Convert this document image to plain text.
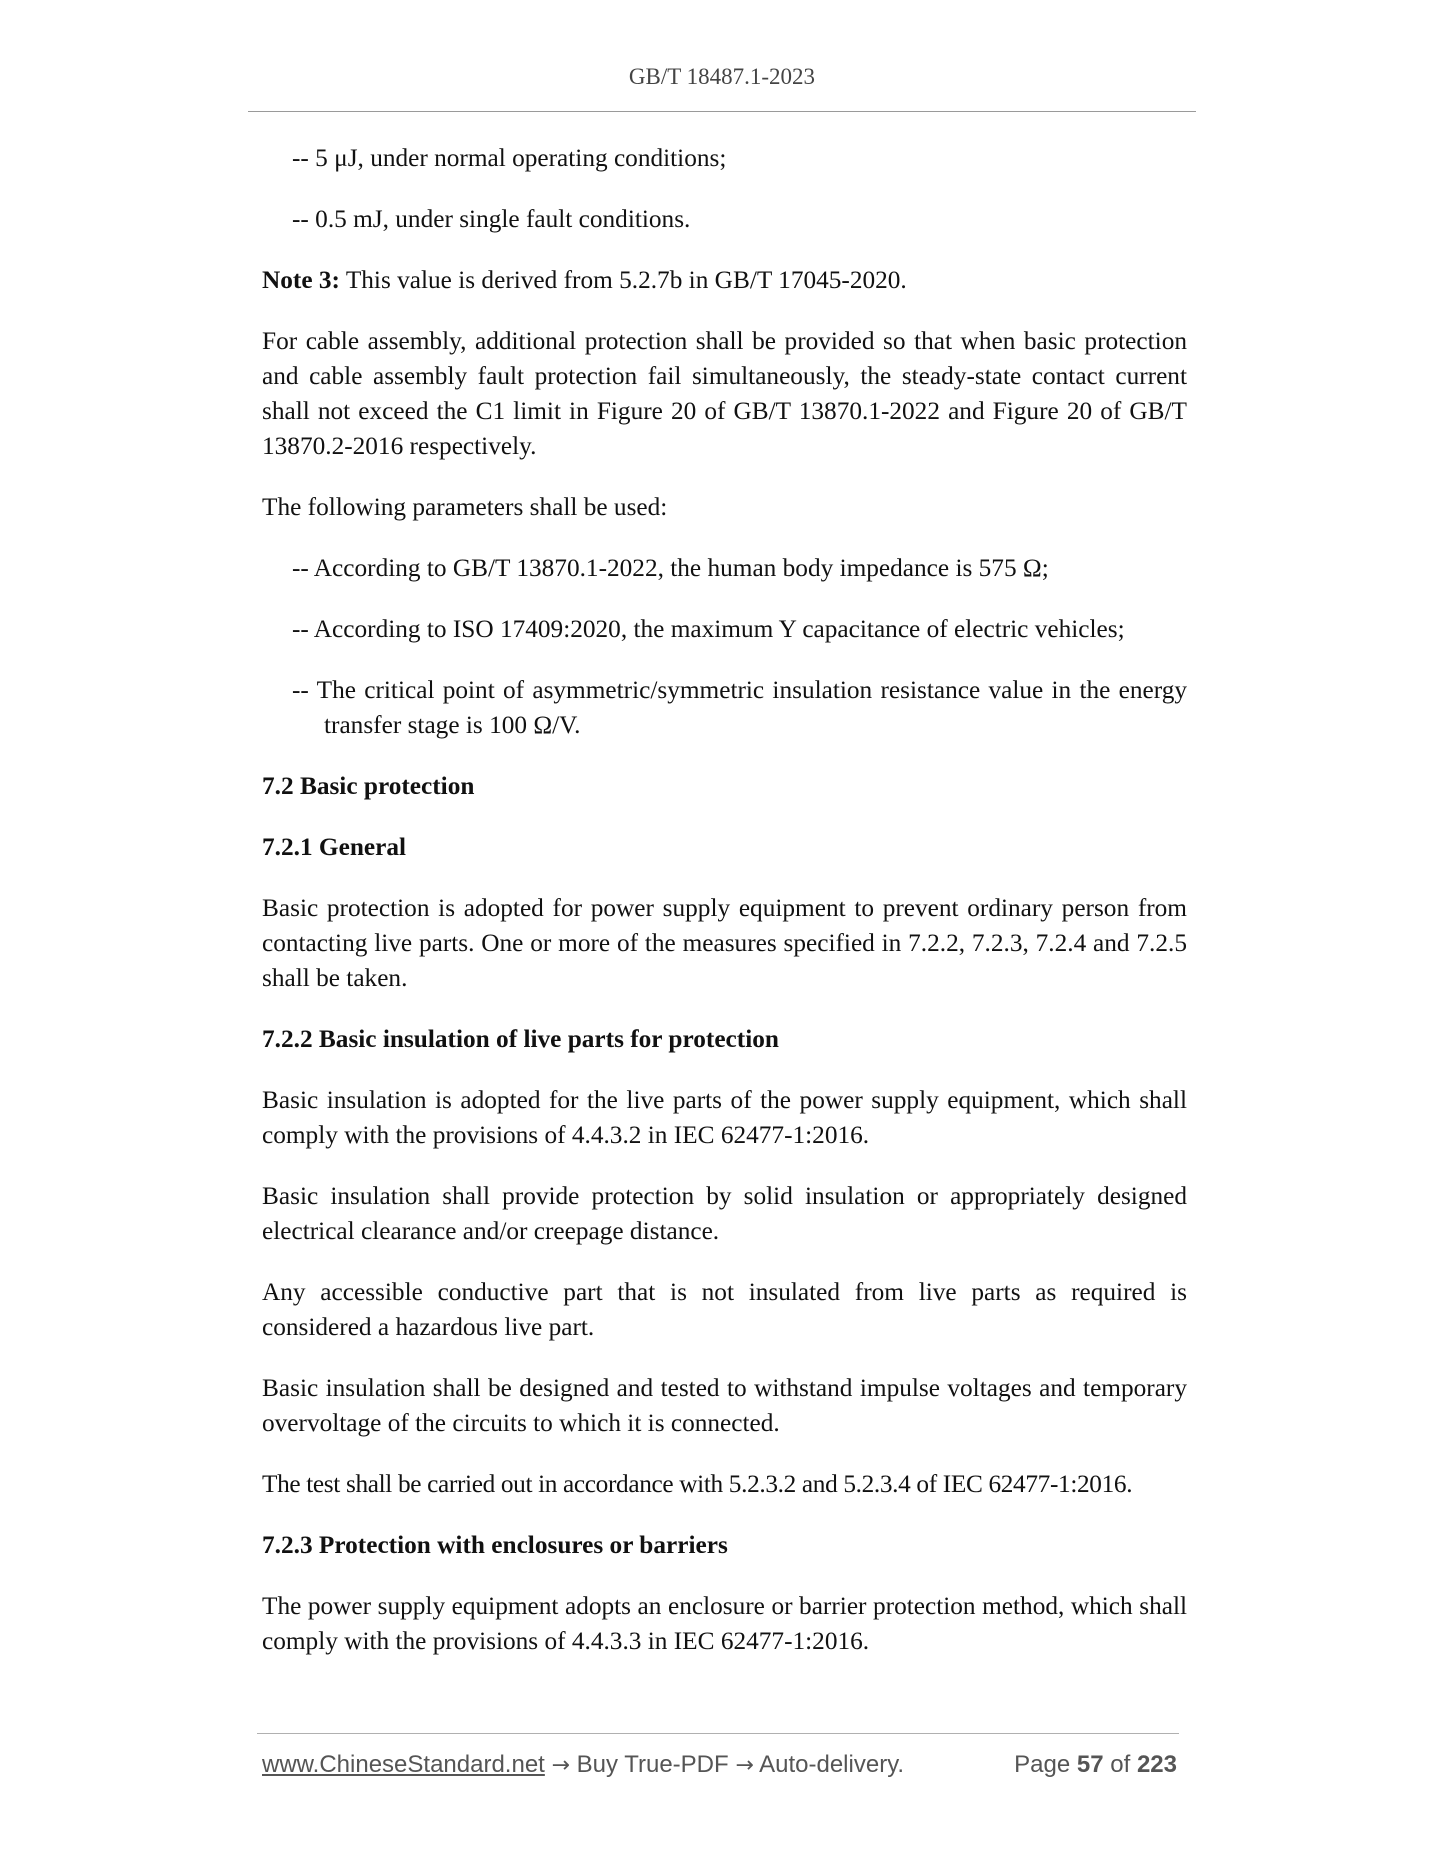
GB/T 18487.1-2023

-- 5 μJ, under normal operating conditions;

-- 0.5 mJ, under single fault conditions.

Note 3: This value is derived from 5.2.7b in GB/T 17045-2020.

For cable assembly, additional protection shall be provided so that when basic protection and cable assembly fault protection fail simultaneously, the steady-state contact current shall not exceed the C1 limit in Figure 20 of GB/T 13870.1-2022 and Figure 20 of GB/T 13870.2-2016 respectively.

The following parameters shall be used:

-- According to GB/T 13870.1-2022, the human body impedance is 575 Ω;

-- According to ISO 17409:2020, the maximum Y capacitance of electric vehicles;

-- The critical point of asymmetric/symmetric insulation resistance value in the energy transfer stage is 100 Ω/V.

7.2 Basic protection

7.2.1 General

Basic protection is adopted for power supply equipment to prevent ordinary person from contacting live parts. One or more of the measures specified in 7.2.2, 7.2.3, 7.2.4 and 7.2.5 shall be taken.

7.2.2 Basic insulation of live parts for protection

Basic insulation is adopted for the live parts of the power supply equipment, which shall comply with the provisions of 4.4.3.2 in IEC 62477-1:2016.

Basic insulation shall provide protection by solid insulation or appropriately designed electrical clearance and/or creepage distance.

Any accessible conductive part that is not insulated from live parts as required is considered a hazardous live part.

Basic insulation shall be designed and tested to withstand impulse voltages and temporary overvoltage of the circuits to which it is connected.

The test shall be carried out in accordance with 5.2.3.2 and 5.2.3.4 of IEC 62477-1:2016.

7.2.3 Protection with enclosures or barriers

The power supply equipment adopts an enclosure or barrier protection method, which shall comply with the provisions of 4.4.3.3 in IEC 62477-1:2016.

www.ChineseStandard.net → Buy True-PDF → Auto-delivery.	Page 57 of 223
